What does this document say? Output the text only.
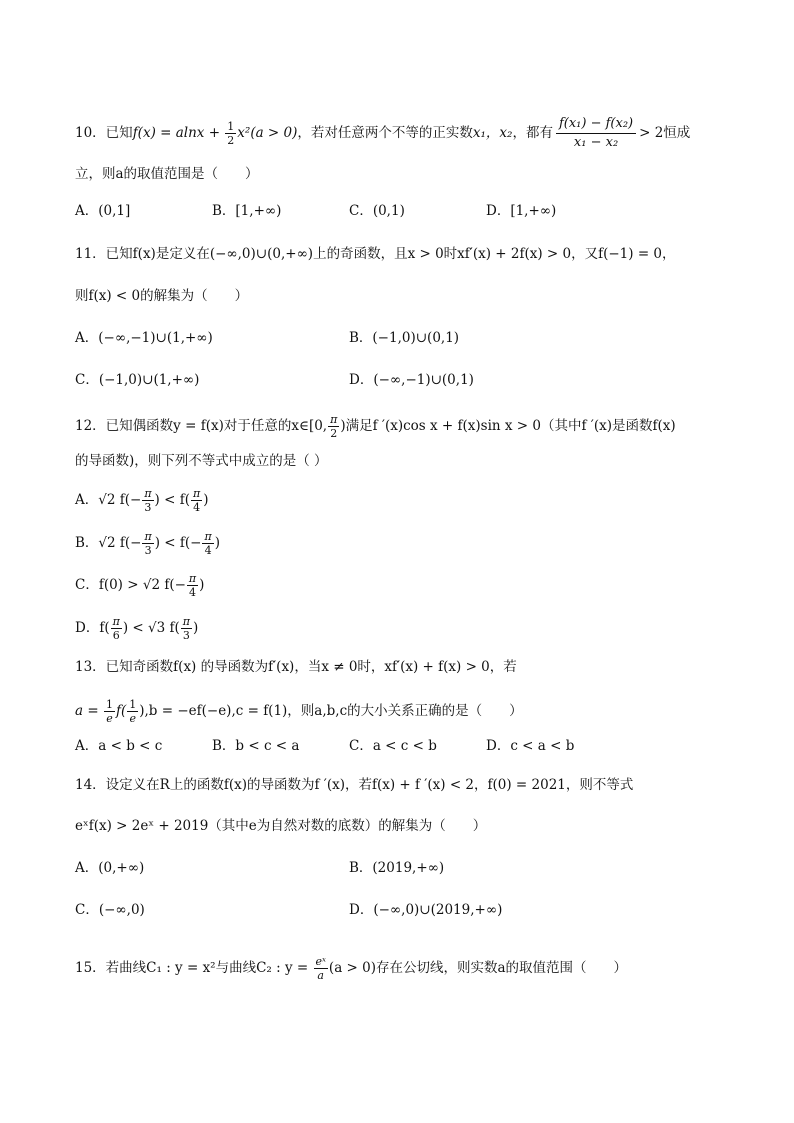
10．已知$f(x) = alnx + \frac{1}{2} x^2(a > 0)$，若对任意两个不等的正实数x₁，x₂，都有 $\frac{\text{f(x₁) − f(x₂)}}{\text{x₁ − x₂}} > 2$恒成
立，则a的取值范围是（　　）
A．(0,1]	B．[1,+∞)	C．(0,1)	D．[1,+∞)
11．已知f(x)是定义在(−∞,0)∪(0,+∞)上的奇函数，且x > 0时xf′(x) + 2f(x) > 0，又f(−1) = 0，
则f(x) < 0的解集为（　　）
A．(−∞,−1)∪(1,+∞)	B．(−1,0)∪(0,1)
C．(−1,0)∪(1,+∞)	D．(−∞,−1)∪(0,1)
12．已知偶函数y = f(x)对于任意的x∈[0, $\frac{\pi}{2}$ )满足f ′(x)cos x + f(x)sin x > 0（其中f ′(x)是函数f(x)
的导函数)，则下列不等式中成立的是（ ）
A．√2 $f(- \frac{\pi}{3}$ ) < $f( \frac{\pi}{4}$ )
B．√2 $f(- \frac{\pi}{3}$ ) < $f(- \frac{\pi}{4}$ )
C．f(0) > √2 $f(- \frac{\pi}{4}$ )
D．$f( \frac{\pi}{6}$ ) < √3 $f( \frac{\pi}{3}$ )
13．已知奇函数f(x) 的导函数为f′(x)，当x ≠ 0时，xf′(x) + f(x) > 0，若
$a = \frac{1}{e} f( \frac{1}{e} ),b = -ef(-e),c = f(1)$，则a,b,c的大小关系正确的是（　　）
A．a < b < c	B．b < c < a	C．a < c < b	D．c < a < b
14．设定义在R上的函数f(x)的导函数为f ′(x)，若f(x) + f ′(x) < 2，f(0) = 2021，则不等式
eˣf(x) > 2eˣ + 2019（其中e为自然对数的底数）的解集为（　　）
A．(0,+∞)	B．(2019,+∞)
C．(−∞,0)	D．(−∞,0)∪(2019,+∞)
15．若曲线C₁ : y = x²与曲线C₂ : $y = \frac{\text{eˣ}}{a} (a > 0)$存在公切线，则实数a的取值范围（　　）
